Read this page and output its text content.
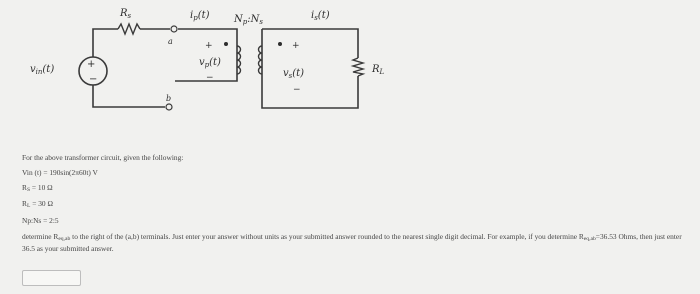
+
−
$v_{in}(t)$
$R_s$
a
b
$i_p(t)$ $N_p:N_s$
+
$v_p(t)$
−
+
$v_s(t)$
−
$i_s(t)$
$R_L$
For the above transformer circuit, given the following:
Vin (t) = 190sin(2π60t) V
RS = 10 Ω
RL = 30 Ω
Np:Ns = 2:5
determine Req,ab to the right of the (a,b) terminals. Just enter your answer without units as your submitted answer rounded to the nearest single digit decimal. For example, if you determine Req,ab=36.53 Ohms, then just enter 36.5 as your submitted answer.
